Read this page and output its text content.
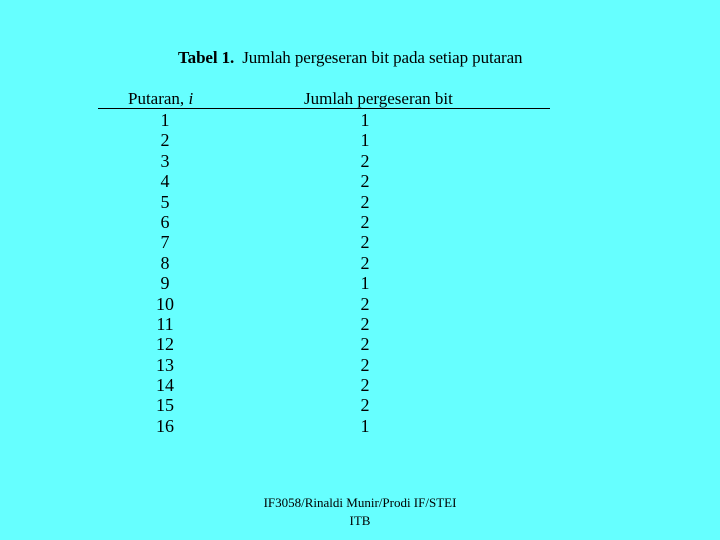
Tabel 1. Jumlah pergeseran bit pada setiap putaran
Putaran, i	Jumlah pergeseran bit
1	1
2	1
3	2
4	2
5	2
6	2
7	2
8	2
9	1
10	2
11	2
12	2
13	2
14	2
15	2
16	1
IF3058/Rinaldi Munir/Prodi IF/STEI
ITB
